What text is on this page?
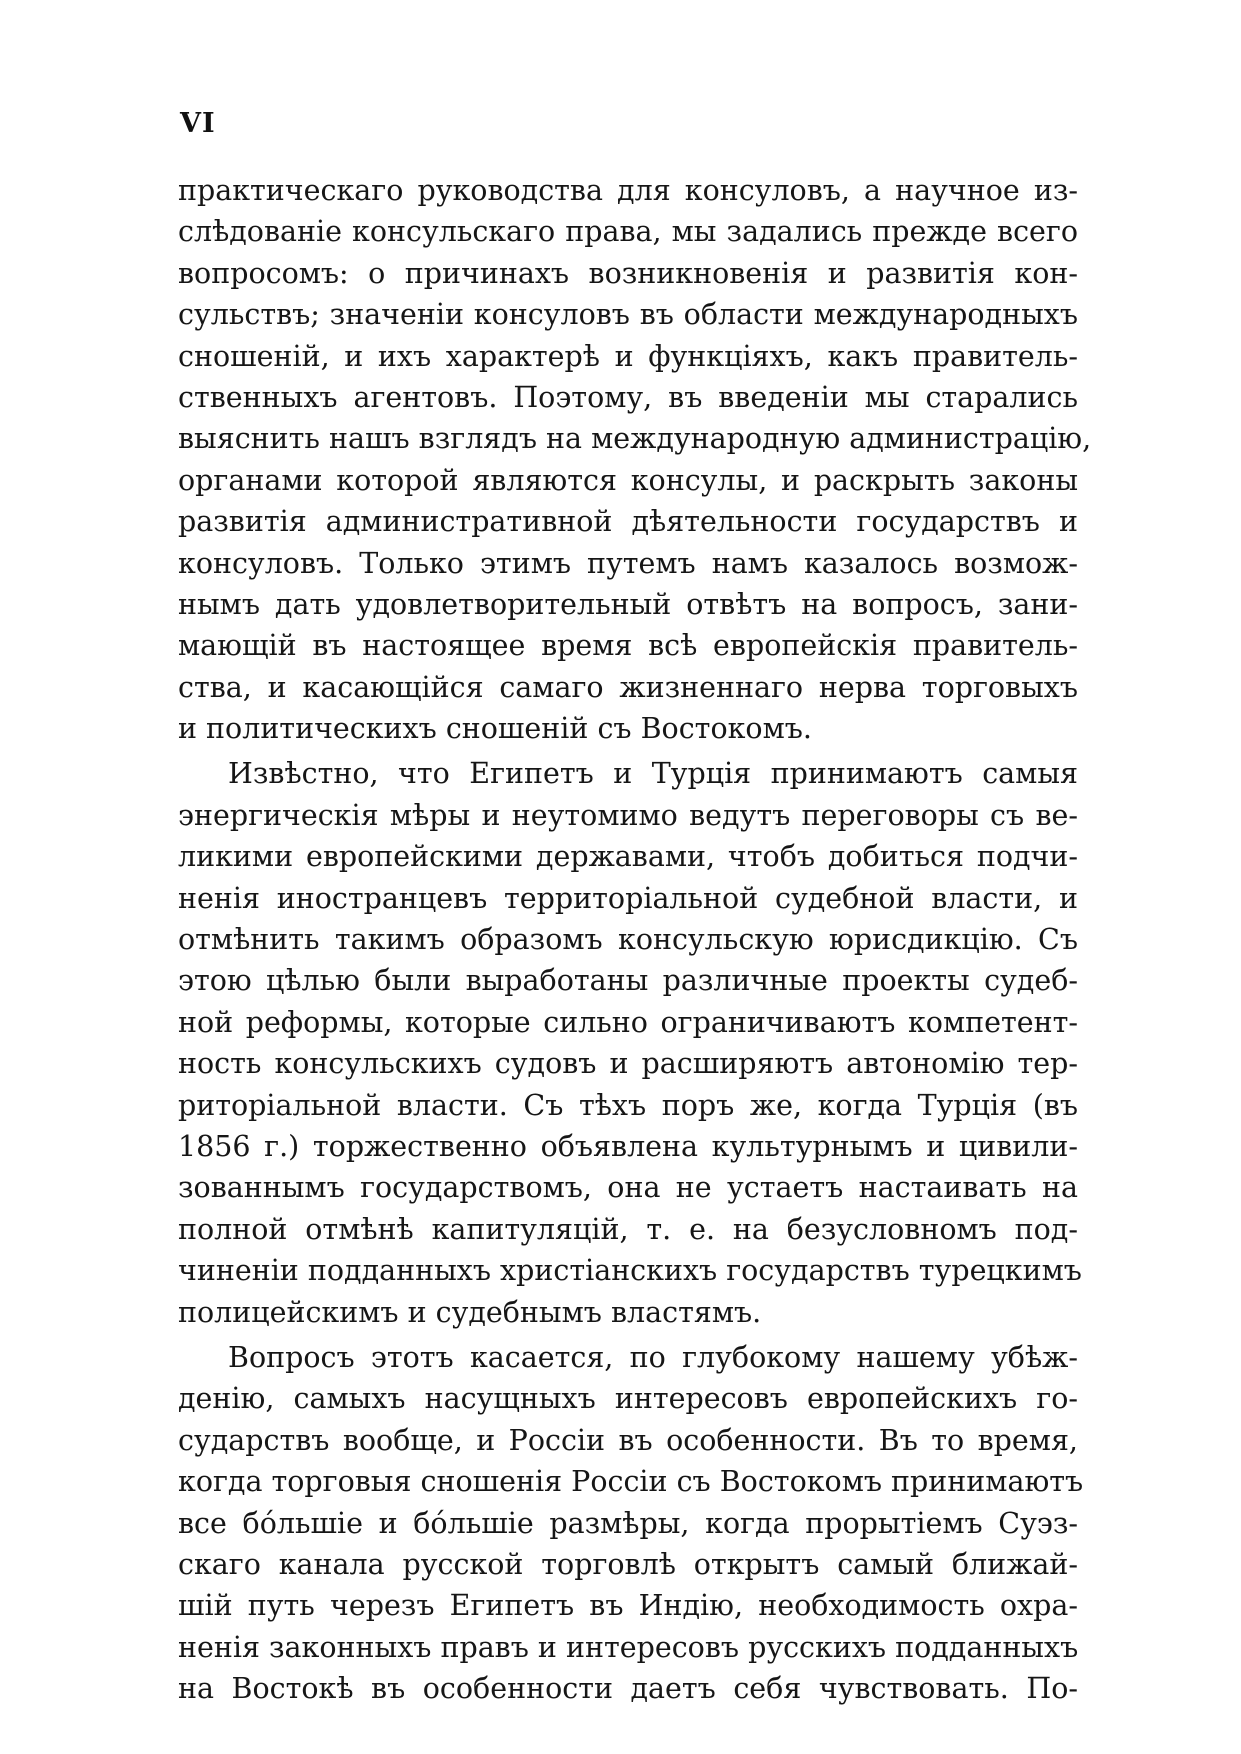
VI
практическаго руководства для консуловъ, а научное из-
слѣдованіе консульскаго права, мы задались прежде всего
вопросомъ: о причинахъ возникновенія и развитія кон-
сульствъ; значеніи консуловъ въ области международныхъ
сношеній, и ихъ характерѣ и функціяхъ, какъ правитель-
ственныхъ агентовъ. Поэтому, въ введеніи мы старались
выяснить нашъ взглядъ на международную администрацію,
органами которой являются консулы, и раскрыть законы
развитія административной дѣятельности государствъ и
консуловъ. Только этимъ путемъ намъ казалось возмож-
нымъ дать удовлетворительный отвѣтъ на вопросъ, зани-
мающій въ настоящее время всѣ европейскія правитель-
ства, и касающійся самаго жизненнаго нерва торговыхъ
и политическихъ сношеній съ Востокомъ.
Извѣстно, что Египетъ и Турція принимаютъ самыя
энергическія мѣры и неутомимо ведутъ переговоры съ ве-
ликими европейскими державами, чтобъ добиться подчи-
ненія иностранцевъ территоріальной судебной власти, и
отмѣнить такимъ образомъ консульскую юрисдикцію. Съ
этою цѣлью были выработаны различные проекты судеб-
ной реформы, которые сильно ограничиваютъ компетент-
ность консульскихъ судовъ и расширяютъ автономію тер-
риторіальной власти. Съ тѣхъ поръ же, когда Турція (въ
1856 г.) торжественно объявлена культурнымъ и цивили-
зованнымъ государствомъ, она не устаетъ настаивать на
полной отмѣнѣ капитуляцій, т. е. на безусловномъ под-
чиненіи подданныхъ христіанскихъ государствъ турецкимъ
полицейскимъ и судебнымъ властямъ.
Вопросъ этотъ касается, по глубокому нашему убѣж-
денію, самыхъ насущныхъ интересовъ европейскихъ го-
сударствъ вообще, и Россіи въ особенности. Въ то время,
когда торговыя сношенія Россіи съ Востокомъ принимаютъ
все бо́льшіе и бо́льшіе размѣры, когда прорытіемъ Суэз-
скаго канала русской торговлѣ открытъ самый ближай-
шій путь черезъ Египетъ въ Индію, необходимость охра-
ненія законныхъ правъ и интересовъ русскихъ подданныхъ
на Востокѣ въ особенности даетъ себя чувствовать. По-
